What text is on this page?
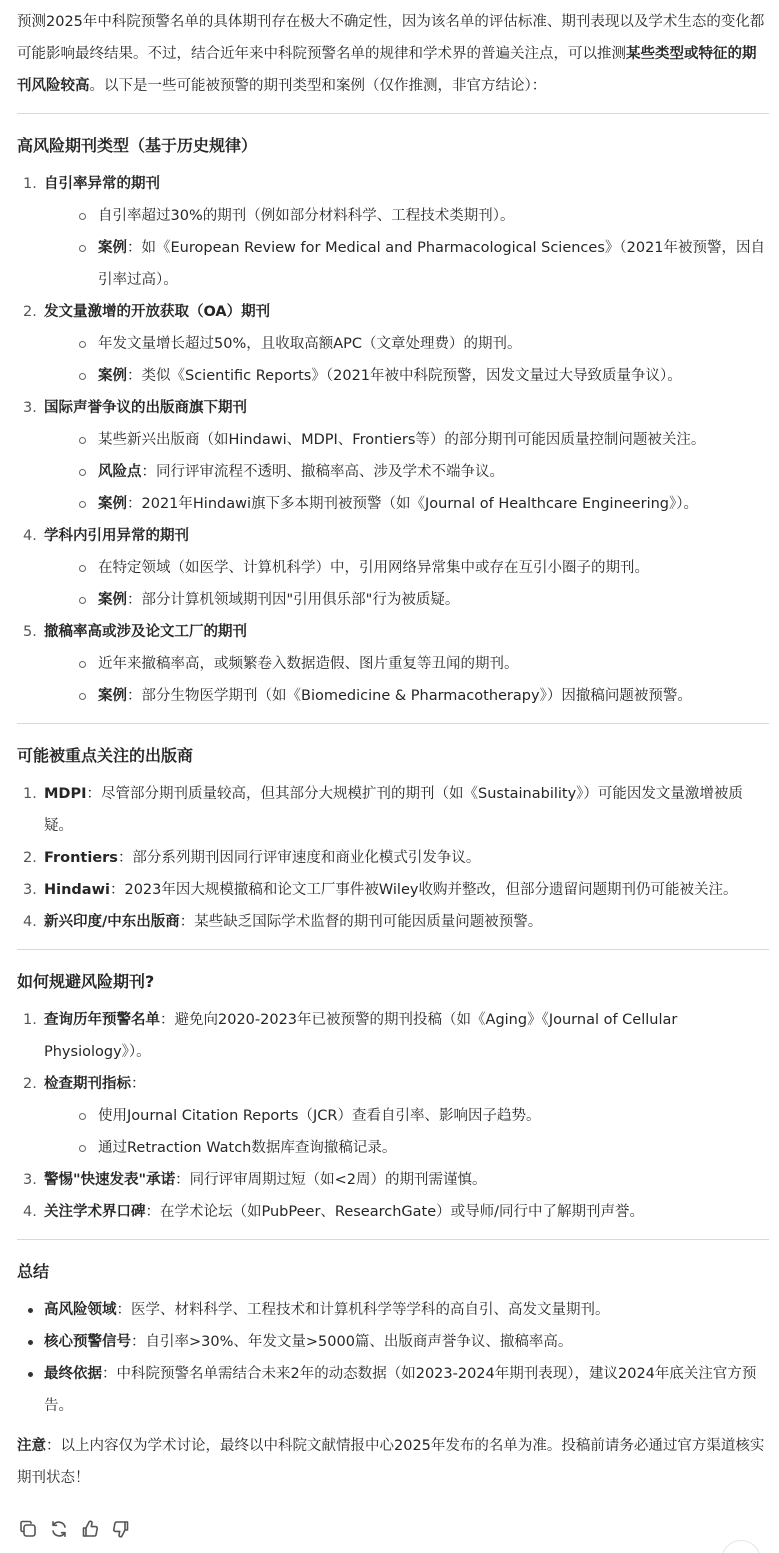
预测2025年中科院预警名单的具体期刊存在极大不确定性，因为该名单的评估标准、期刊表现以及学术生态的变化都可能影响最终结果。不过，结合近年来中科院预警名单的规律和学术界的普遍关注点，可以推测某些类型或特征的期刊风险较高。以下是一些可能被预警的期刊类型和案例（仅作推测，非官方结论）：

高风险期刊类型（基于历史规律）
1. 自引率异常的期刊
自引率超过30%的期刊（例如部分材料科学、工程技术类期刊）。
案例：如《European Review for Medical and Pharmacological Sciences》（2021年被预警，因自引率过高）。
2. 发文量激增的开放获取（OA）期刊
年发文量增长超过50%，且收取高额APC（文章处理费）的期刊。
案例：类似《Scientific Reports》（2021年被中科院预警，因发文量过大导致质量争议）。
3. 国际声誉争议的出版商旗下期刊
某些新兴出版商（如Hindawi、MDPI、Frontiers等）的部分期刊可能因质量控制问题被关注。
风险点：同行评审流程不透明、撤稿率高、涉及学术不端争议。
案例：2021年Hindawi旗下多本期刊被预警（如《Journal of Healthcare Engineering》）。
4. 学科内引用异常的期刊
在特定领域（如医学、计算机科学）中，引用网络异常集中或存在互引小圈子的期刊。
案例：部分计算机领域期刊因"引用俱乐部"行为被质疑。
5. 撤稿率高或涉及论文工厂的期刊
近年来撤稿率高，或频繁卷入数据造假、图片重复等丑闻的期刊。
案例：部分生物医学期刊（如《Biomedicine & Pharmacotherapy》）因撤稿问题被预警。
可能被重点关注的出版商
1. MDPI：尽管部分期刊质量较高，但其部分大规模扩刊的期刊（如《Sustainability》）可能因发文量激增被质疑。
2. Frontiers：部分系列期刊因同行评审速度和商业化模式引发争议。
3. Hindawi：2023年因大规模撤稿和论文工厂事件被Wiley收购并整改，但部分遗留问题期刊仍可能被关注。
4. 新兴印度/中东出版商：某些缺乏国际学术监督的期刊可能因质量问题被预警。
如何规避风险期刊?
1. 查询历年预警名单：避免向2020-2023年已被预警的期刊投稿（如《Aging》《Journal of Cellular Physiology》）。
2. 检查期刊指标：
使用Journal Citation Reports（JCR）查看自引率、影响因子趋势。
通过Retraction Watch数据库查询撤稿记录。
3. 警惕"快速发表"承诺：同行评审周期过短（如<2周）的期刊需谨慎。
4. 关注学术界口碑：在学术论坛（如PubPeer、ResearchGate）或导师/同行中了解期刊声誉。
总结
高风险领域：医学、材料科学、工程技术和计算机科学等学科的高自引、高发文量期刊。
核心预警信号：自引率>30%、年发文量>5000篇、出版商声誉争议、撤稿率高。
最终依据：中科院预警名单需结合未来2年的动态数据（如2023-2024年期刊表现），建议2024年底关注官方预告。

注意：以上内容仅为学术讨论，最终以中科院文献情报中心2025年发布的名单为准。投稿前请务必通过官方渠道核实期刊状态！
